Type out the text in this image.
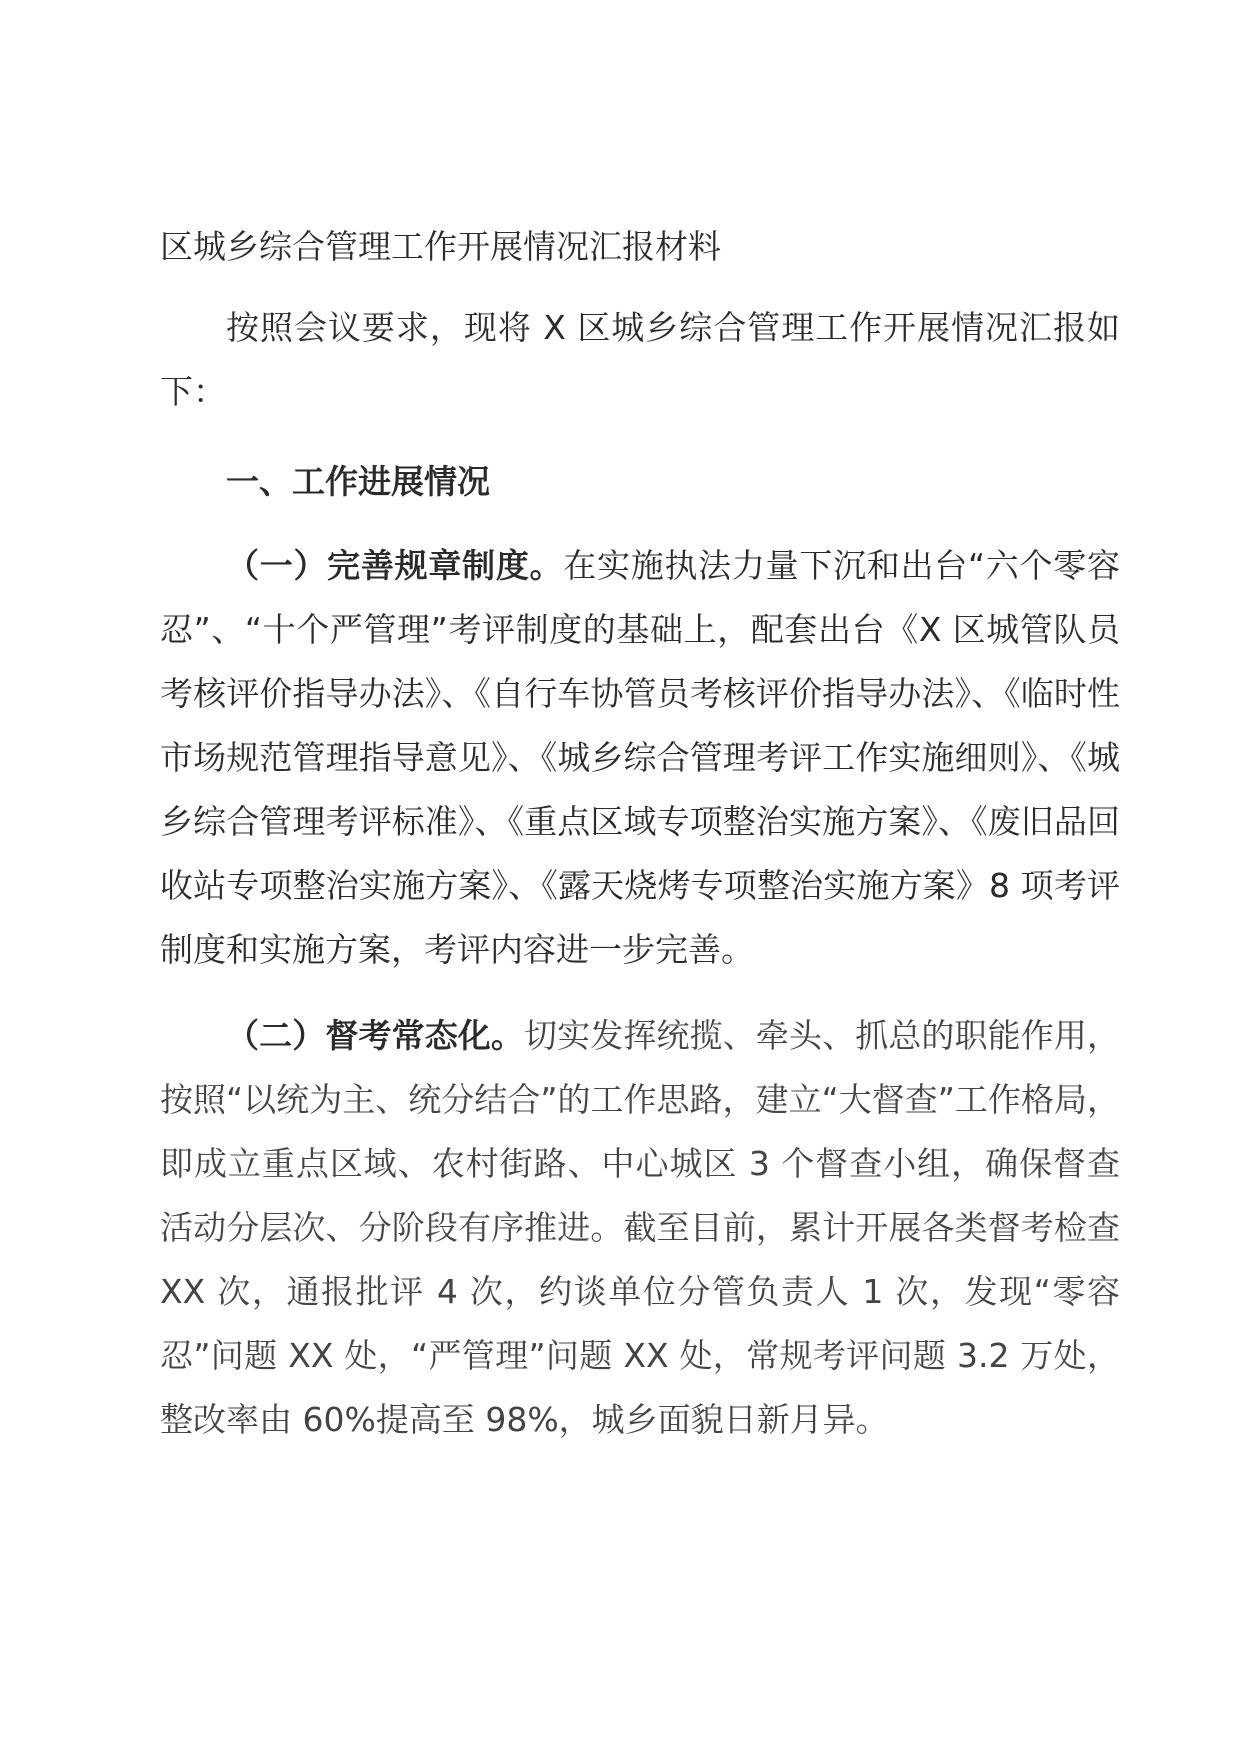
区城乡综合管理工作开展情况汇报材料

按照会议要求，现将 X 区城乡综合管理工作开展情况汇报如下：

一、工作进展情况

（一）完善规章制度。在实施执法力量下沉和出台“六个零容忍”、“十个严管理”考评制度的基础上，配套出台《X 区城管队员考核评价指导办法》、《自行车协管员考核评价指导办法》、《临时性市场规范管理指导意见》、《城乡综合管理考评工作实施细则》、《城乡综合管理考评标准》、《重点区域专项整治实施方案》、《废旧品回收站专项整治实施方案》、《露天烧烤专项整治实施方案》8 项考评制度和实施方案，考评内容进一步完善。

（二）督考常态化。切实发挥统揽、牵头、抓总的职能作用，按照“以统为主、统分结合”的工作思路，建立“大督查”工作格局，即成立重点区域、农村街路、中心城区 3 个督查小组，确保督查活动分层次、分阶段有序推进。截至目前，累计开展各类督考检查 XX 次，通报批评 4 次，约谈单位分管负责人 1 次，发现“零容忍”问题 XX 处，“严管理”问题 XX 处，常规考评问题 3.2 万处，整改率由 60%提高至 98%，城乡面貌日新月异。
